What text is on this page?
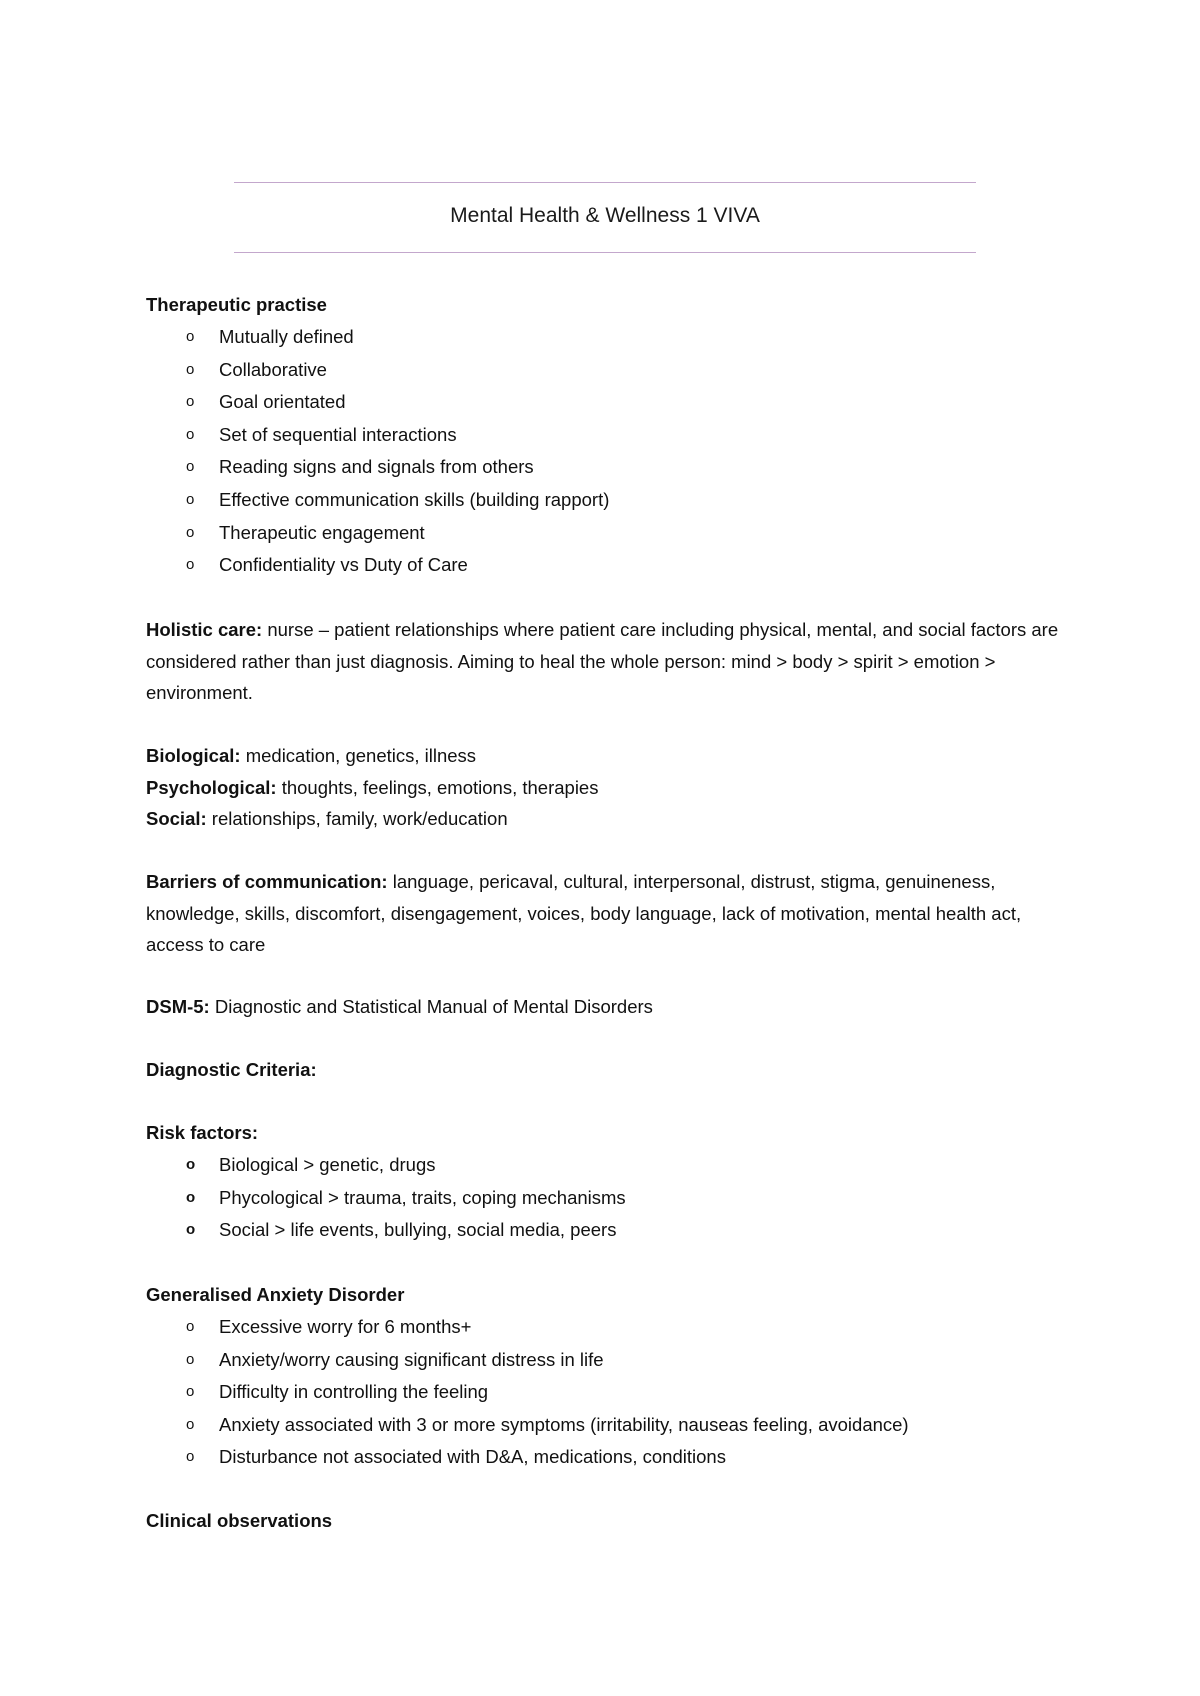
Mental Health & Wellness 1 VIVA
Therapeutic practise
o Mutually defined
o Collaborative
o Goal orientated
o Set of sequential interactions
o Reading signs and signals from others
o Effective communication skills (building rapport)
o Therapeutic engagement
o Confidentiality vs Duty of Care
Holistic care: nurse – patient relationships where patient care including physical, mental, and social factors are considered rather than just diagnosis. Aiming to heal the whole person: mind > body > spirit > emotion > environment.
Biological: medication, genetics, illness
Psychological: thoughts, feelings, emotions, therapies
Social: relationships, family, work/education
Barriers of communication: language, pericaval, cultural, interpersonal, distrust, stigma, genuineness, knowledge, skills, discomfort, disengagement, voices, body language, lack of motivation, mental health act, access to care
DSM-5: Diagnostic and Statistical Manual of Mental Disorders
Diagnostic Criteria:
Risk factors:
o Biological > genetic, drugs
o Phycological > trauma, traits, coping mechanisms
o Social > life events, bullying, social media, peers
Generalised Anxiety Disorder
o Excessive worry for 6 months+
o Anxiety/worry causing significant distress in life
o Difficulty in controlling the feeling
o Anxiety associated with 3 or more symptoms (irritability, nauseas feeling, avoidance)
o Disturbance not associated with D&A, medications, conditions
Clinical observations
